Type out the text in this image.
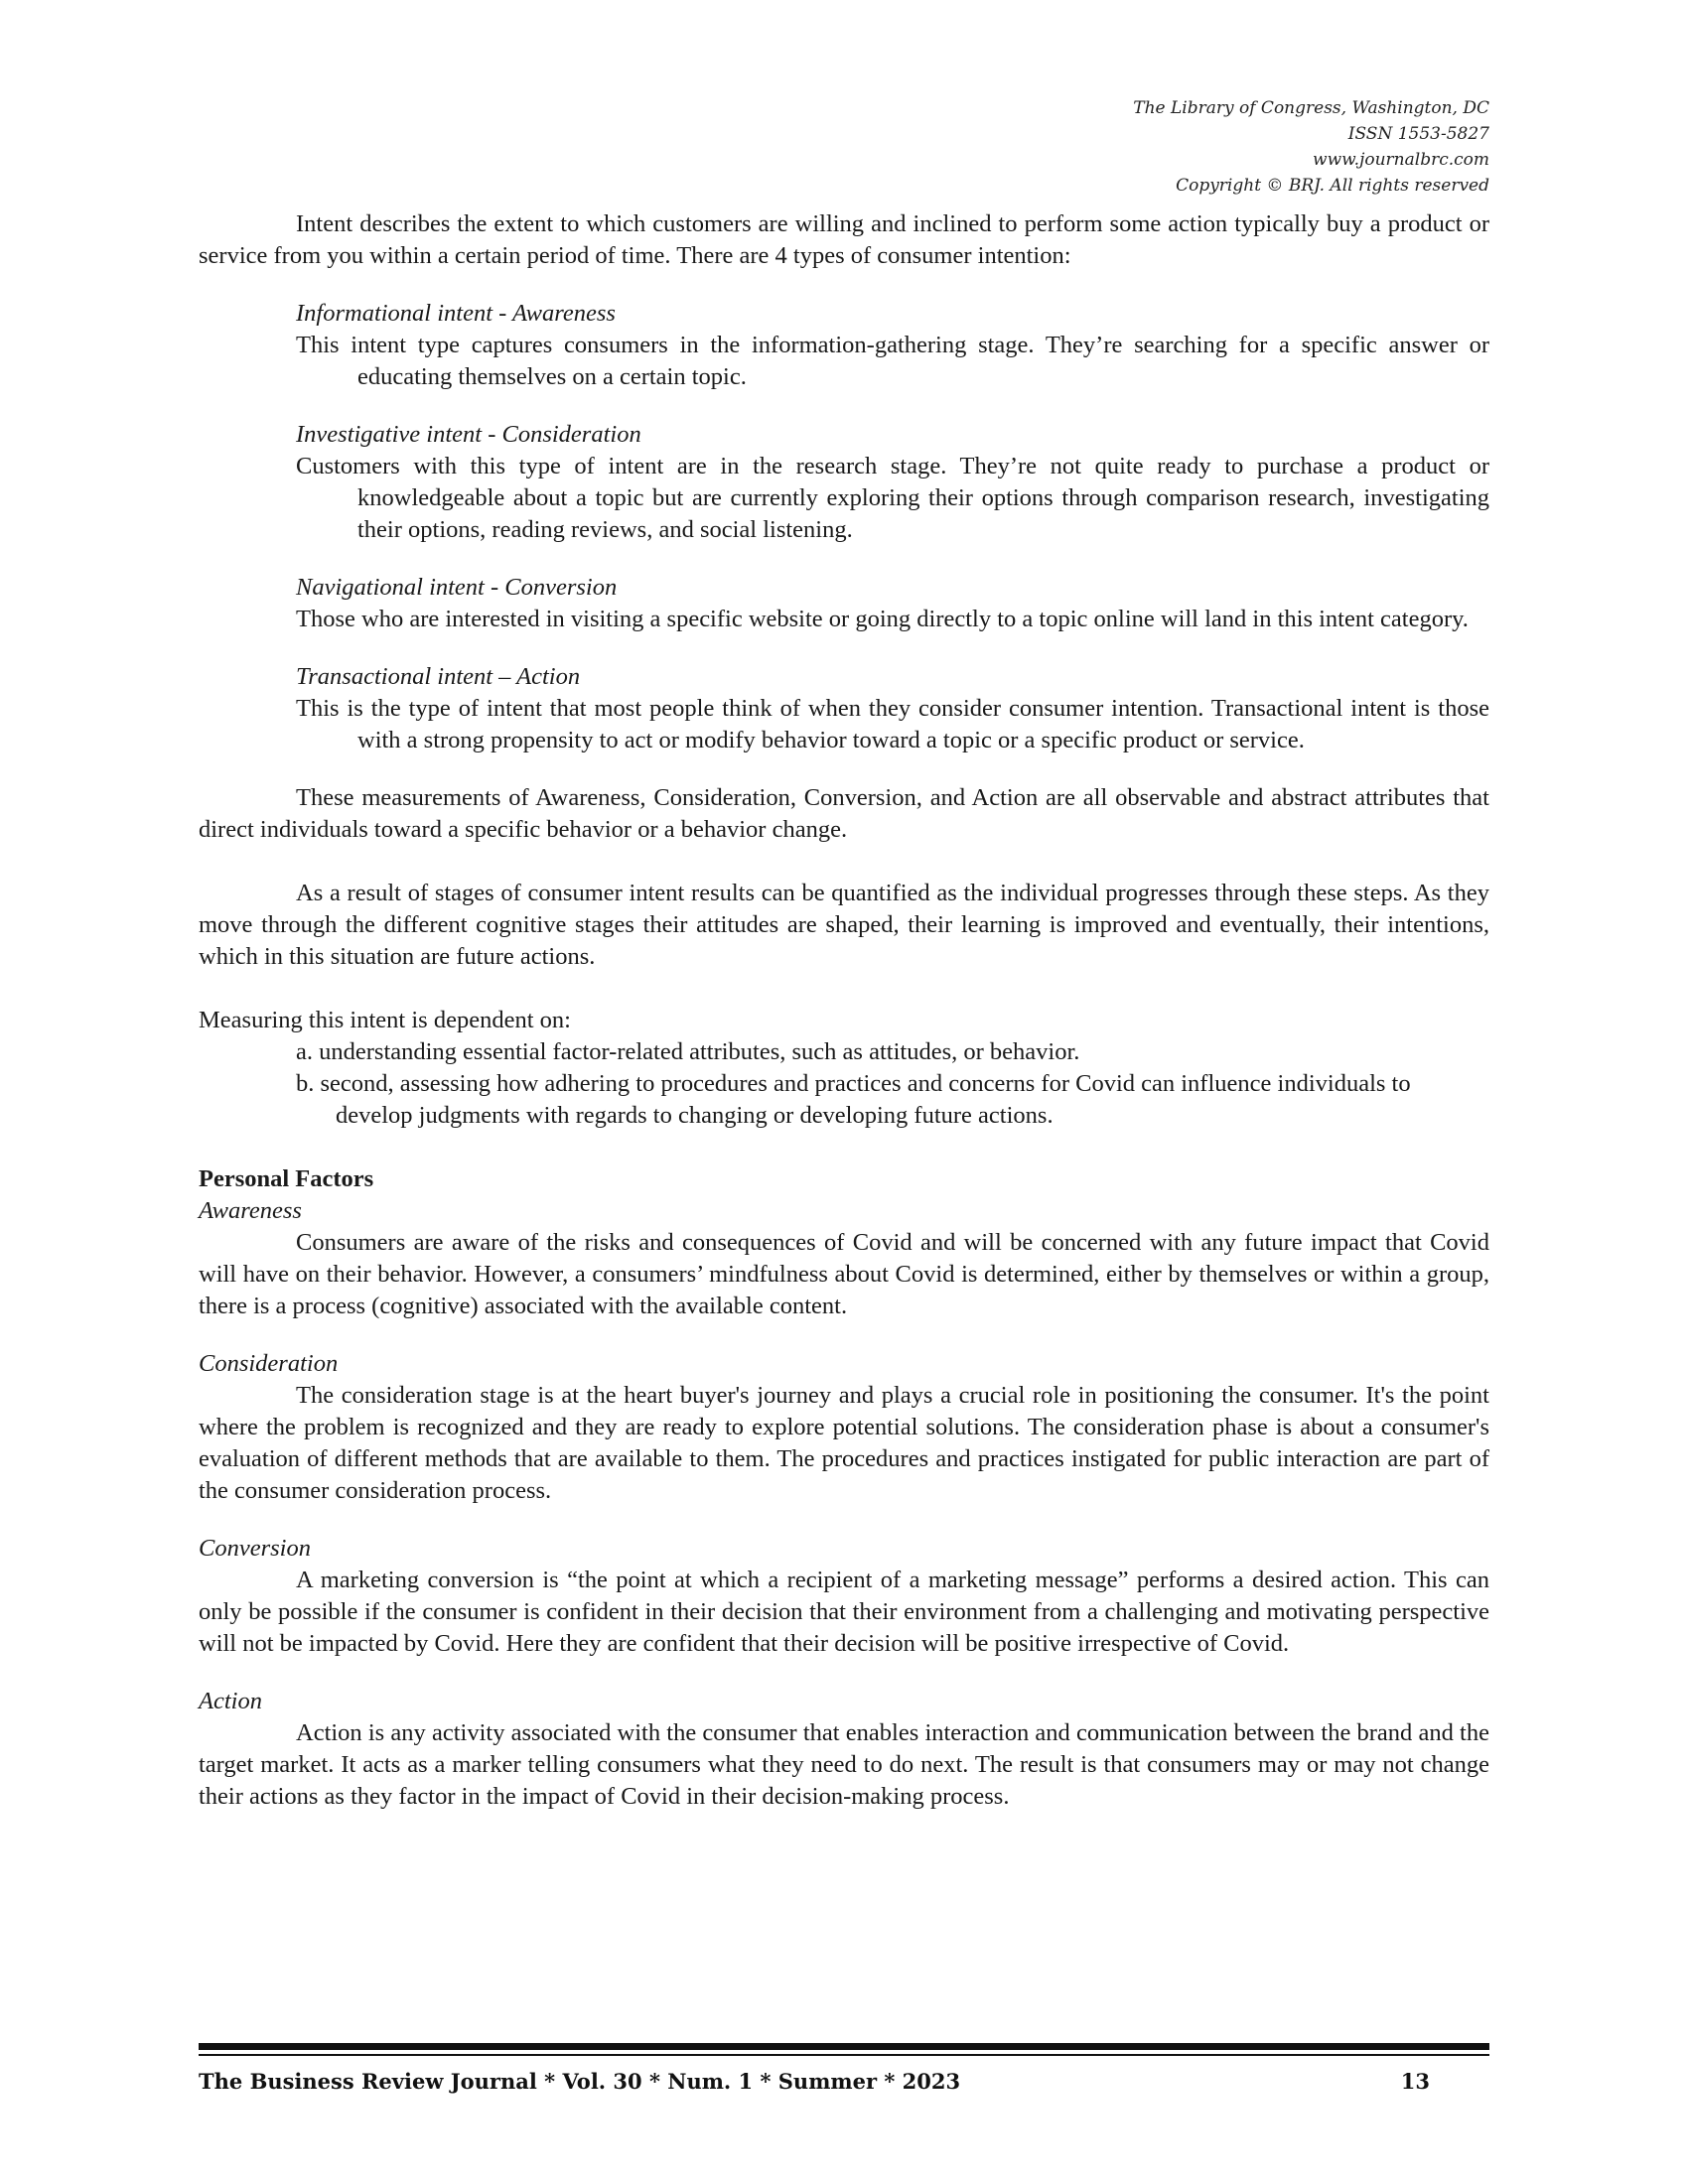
The Library of Congress, Washington, DC
ISSN 1553-5827
www.journalbrc.com
Copyright © BRJ. All rights reserved

Intent describes the extent to which customers are willing and inclined to perform some action typically buy a product or service from you within a certain period of time. There are 4 types of consumer intention:

Informational intent - Awareness
This intent type captures consumers in the information-gathering stage. They’re searching for a specific answer or educating themselves on a certain topic.
Investigative intent - Consideration
Customers with this type of intent are in the research stage. They’re not quite ready to purchase a product or knowledgeable about a topic but are currently exploring their options through comparison research, investigating their options, reading reviews, and social listening.
Navigational intent - Conversion
Those who are interested in visiting a specific website or going directly to a topic online will land in this intent category.
Transactional intent – Action
This is the type of intent that most people think of when they consider consumer intention. Transactional intent is those with a strong propensity to act or modify behavior toward a topic or a specific product or service.

These measurements of Awareness, Consideration, Conversion, and Action are all observable and abstract attributes that direct individuals toward a specific behavior or a behavior change.

As a result of stages of consumer intent results can be quantified as the individual progresses through these steps. As they move through the different cognitive stages their attitudes are shaped, their learning is improved and eventually, their intentions, which in this situation are future actions.

Measuring this intent is dependent on:

a. understanding essential factor-related attributes, such as attitudes, or behavior.
b. second, assessing how adhering to procedures and practices and concerns for Covid can influence individuals to develop judgments with regards to changing or developing future actions.
Personal Factors
Awareness

Consumers are aware of the risks and consequences of Covid and will be concerned with any future impact that Covid will have on their behavior. However, a consumers’ mindfulness about Covid is determined, either by themselves or within a group, there is a process (cognitive) associated with the available content.

Consideration

The consideration stage is at the heart buyer's journey and plays a crucial role in positioning the consumer. It's the point where the problem is recognized and they are ready to explore potential solutions. The consideration phase is about a consumer's evaluation of different methods that are available to them. The procedures and practices instigated for public interaction are part of the consumer consideration process.

Conversion

A marketing conversion is “the point at which a recipient of a marketing message” performs a desired action. This can only be possible if the consumer is confident in their decision that their environment from a challenging and motivating perspective will not be impacted by Covid. Here they are confident that their decision will be positive irrespective of Covid.

Action

Action is any activity associated with the consumer that enables interaction and communication between the brand and the target market. It acts as a marker telling consumers what they need to do next. The result is that consumers may or may not change their actions as they factor in the impact of Covid in their decision-making process.

The Business Review Journal * Vol. 30 * Num. 1 * Summer * 2023	13
